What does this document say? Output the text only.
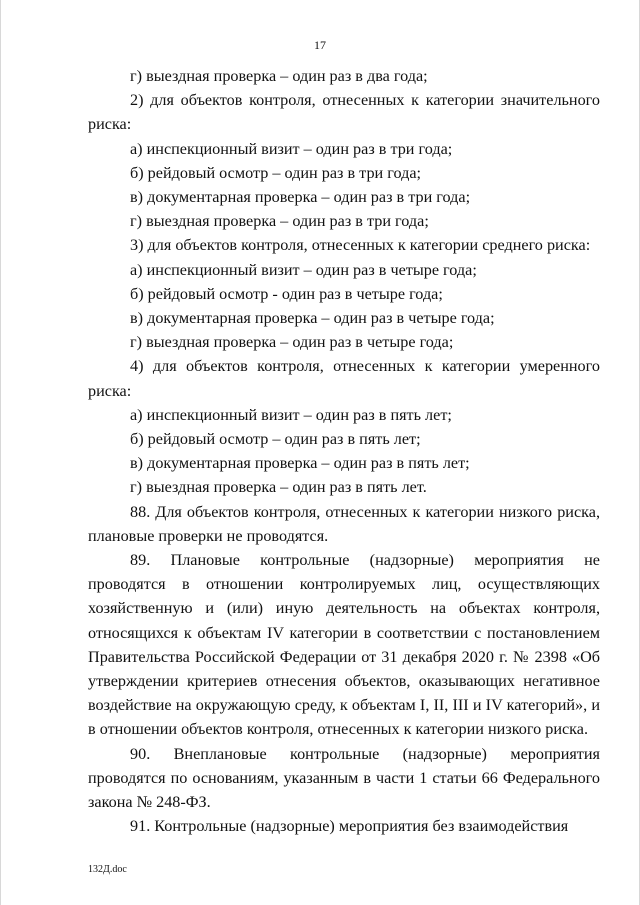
17

г) выездная проверка – один раз в два года;

2) для объектов контроля, отнесенных к категории значительного риска:

а) инспекционный визит – один раз в три года;

б) рейдовый осмотр – один раз в три года;

в) документарная проверка – один раз в три года;

г) выездная проверка – один раз в три года;

3) для объектов контроля, отнесенных к категории среднего риска:

а) инспекционный визит – один раз в четыре года;

б) рейдовый осмотр - один раз в четыре года;

в) документарная проверка – один раз в четыре года;

г) выездная проверка – один раз в четыре года;

4) для объектов контроля, отнесенных к категории умеренного риска:

а) инспекционный визит – один раз в пять лет;

б) рейдовый осмотр – один раз в пять лет;

в) документарная проверка – один раз в пять лет;

г) выездная проверка – один раз в пять лет.

88. Для объектов контроля, отнесенных к категории низкого риска, плановые проверки не проводятся.

89. Плановые контрольные (надзорные) мероприятия не проводятся в отношении контролируемых лиц, осуществляющих хозяйственную и (или) иную деятельность на объектах контроля, относящихся к объектам IV категории в соответствии с постановлением Правительства Российской Федерации от 31 декабря 2020 г. № 2398 «Об утверждении критериев отнесения объектов, оказывающих негативное воздействие на окружающую среду, к объектам I, II, III и IV категорий», и в отношении объектов контроля, отнесенных к категории низкого риска.

90. Внеплановые контрольные (надзорные) мероприятия проводятся по основаниям, указанным в части 1 статьи 66 Федерального закона № 248-ФЗ.

91. Контрольные (надзорные) мероприятия без взаимодействия

132Д.doc
